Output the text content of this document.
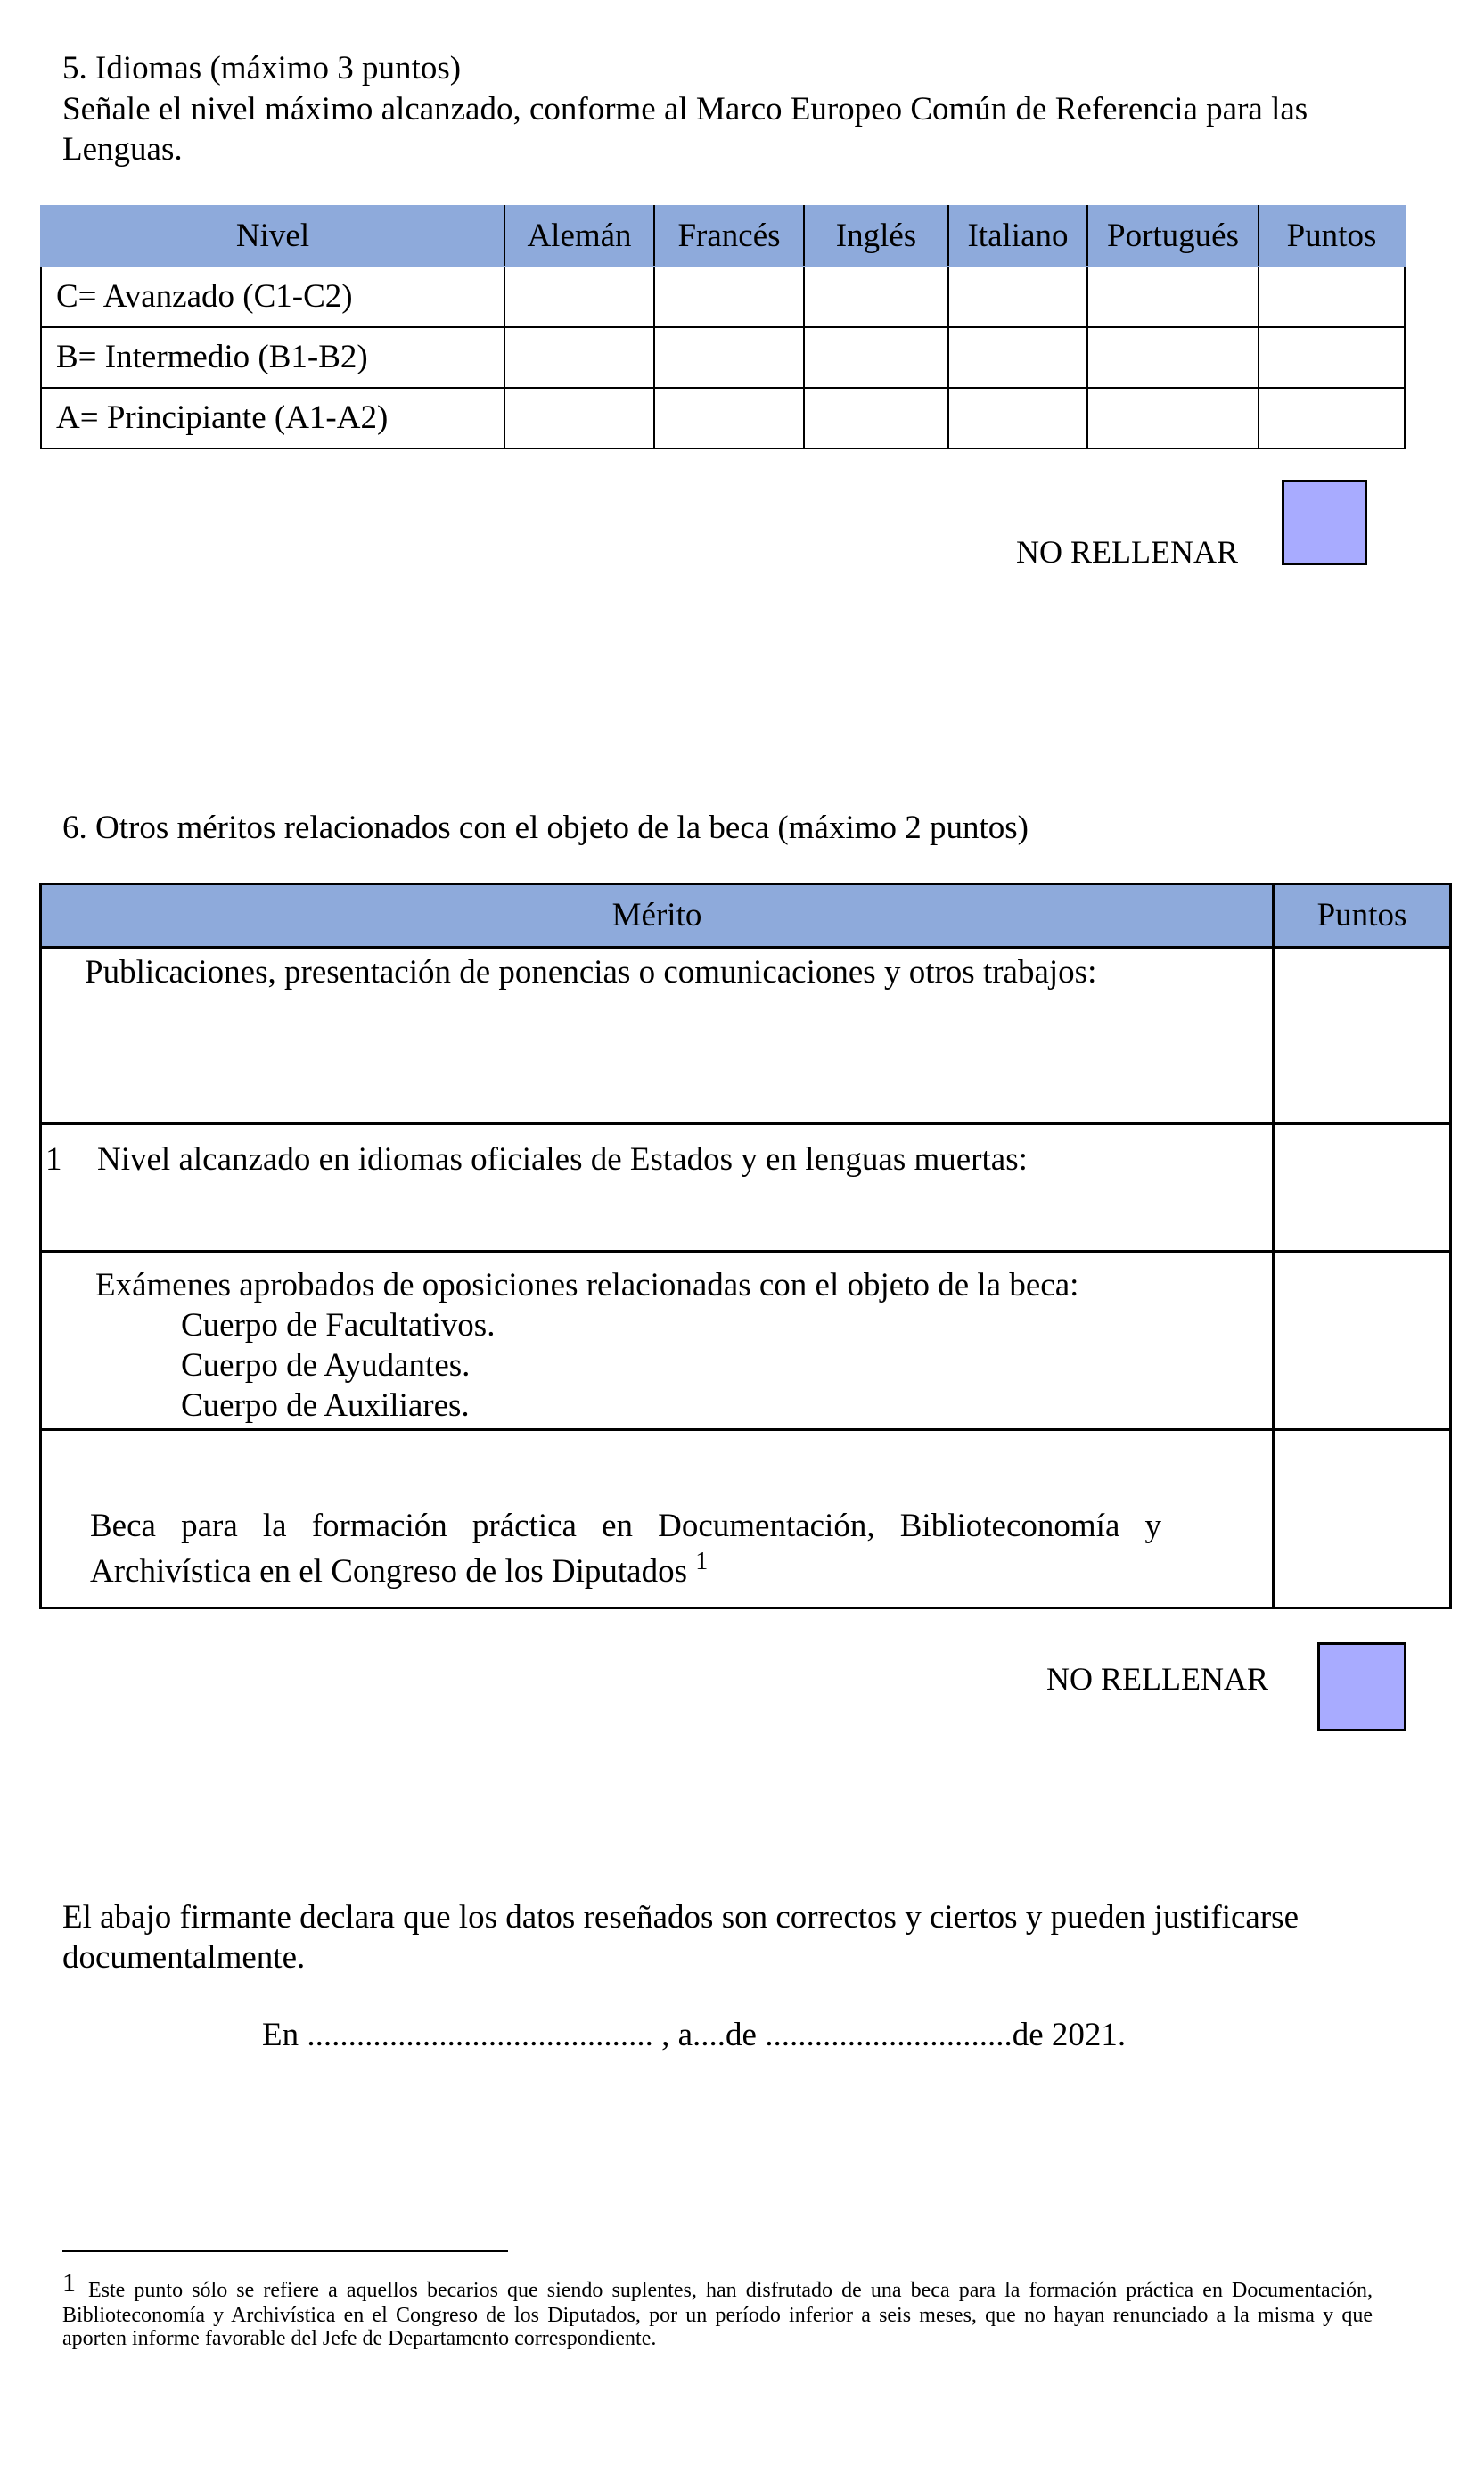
5. Idiomas (máximo 3 puntos)
Señale el nivel máximo alcanzado, conforme al Marco Europeo Común de Referencia para las Lenguas.
Nivel	Alemán	Francés	Inglés	Italiano	Portugués	Puntos
C= Avanzado (C1-C2)						
B= Intermedio (B1-B2)						
A= Principiante (A1-A2)						
NO RELLENAR
6. Otros méritos relacionados con el objeto de la beca (máximo 2 puntos)
Mérito	Puntos

Publicaciones, presentación de ponencias o comunicaciones y otros trabajos:	

1 Nivel alcanzado en idiomas oficiales de Estados y en lenguas muertas:	

Exámenes aprobados de oposiciones relacionadas con el objeto de la beca:
Cuerpo de Facultativos.
Cuerpo de Ayudantes.
Cuerpo de Auxiliares.	

Beca para la formación práctica en Documentación, Biblioteconomía y
Archivística en el Congreso de los Diputados $^1$

NO RELLENAR
El abajo firmante declara que los datos reseñados son correctos y ciertos y pueden justificarse documentalmente.
En .......................................... , a....de ..............................de 2021.
1 Este punto sólo se refiere a aquellos becarios que siendo suplentes, han disfrutado de una beca para la formación práctica en Documentación, Biblioteconomía y Archivística en el Congreso de los Diputados, por un período inferior a seis meses, que no hayan renunciado a la misma y que aporten informe favorable del Jefe de Departamento correspondiente.
